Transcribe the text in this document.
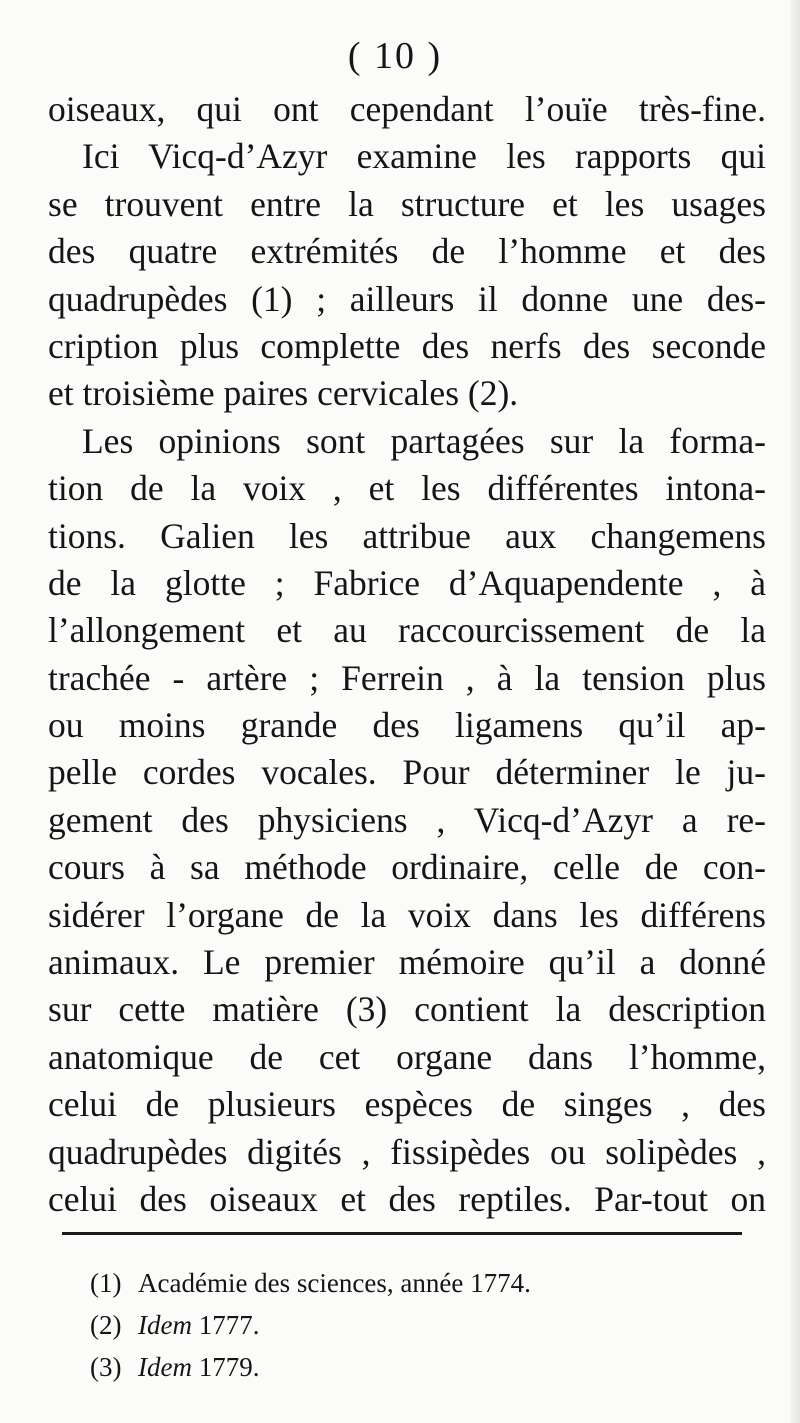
( 10 )
oiseaux, qui ont cependant l’ouïe très-fine.
Ici Vicq-d’Azyr examine les rapports qui
se trouvent entre la structure et les usages
des quatre extrémités de l’homme et des
quadrupèdes (1) ; ailleurs il donne une des-
cription plus complette des nerfs des seconde
et troisième paires cervicales (2).
Les opinions sont partagées sur la forma-
tion de la voix , et les différentes intona-
tions. Galien les attribue aux changemens
de la glotte ; Fabrice d’Aquapendente , à
l’allongement et au raccourcissement de la
trachée - artère ; Ferrein , à la tension plus
ou moins grande des ligamens qu’il ap-
pelle cordes vocales. Pour déterminer le ju-
gement des physiciens , Vicq-d’Azyr a re-
cours à sa méthode ordinaire, celle de con-
sidérer l’organe de la voix dans les différens
animaux. Le premier mémoire qu’il a donné
sur cette matière (3) contient la description
anatomique de cet organe dans l’homme,
celui de plusieurs espèces de singes , des
quadrupèdes digités , fissipèdes ou solipèdes ,
celui des oiseaux et des reptiles. Par-tout on
(1) Académie des sciences, année 1774.
(2) Idem 1777.
(3) Idem 1779.
